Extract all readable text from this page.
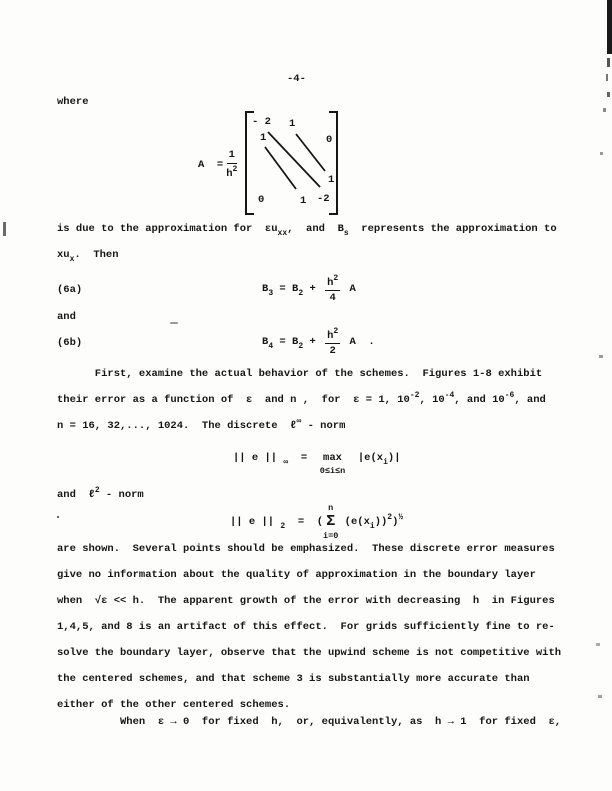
-4-
where
$A = \frac{1}{h^2}$
- 2 1
1	0
1
0	1 -2
is due to the approximation for  $\varepsilon u_{xx}$,  and  $B_s$  represents the approximation to
$xu_x$.  Then
(6a)	$B_3 = B_2 + \frac{h^2}{4}$ A
and
(6b)	$B_4 = B_2 + \frac{h^2}{2}$ A  .
First, examine the actual behavior of the schemes.  Figures 1-8 exhibit
their error as a function of  ε  and n ,  for  ε = 1, $10^{-2}$, $10^{-4}$, and $10^{-6}$, and
n = 16, 32,..., 1024.  The discrete  ℓ∞ - norm
|| e || $_\infty$  = max
0≤i≤n
$|e(x_i)|$
and  ℓ$^2$ - norm
|| e || $_2$  =  (
n
Σ
i=0
$(e(x_i))^2)^{\frac{1}{2}}$
are shown.  Several points should be emphasized.  These discrete error measures
give no information about the quality of approximation in the boundary layer
when  √ε << h.  The apparent growth of the error with decreasing  h  in Figures
1,4,5, and 8 is an artifact of this effect.  For grids sufficiently fine to re-
solve the boundary layer, observe that the upwind scheme is not competitive with
the centered schemes, and that scheme 3 is substantially more accurate than
either of the other centered schemes.
When  ε → 0  for fixed  h,  or, equivalently, as  h → 1  for fixed  ε,
